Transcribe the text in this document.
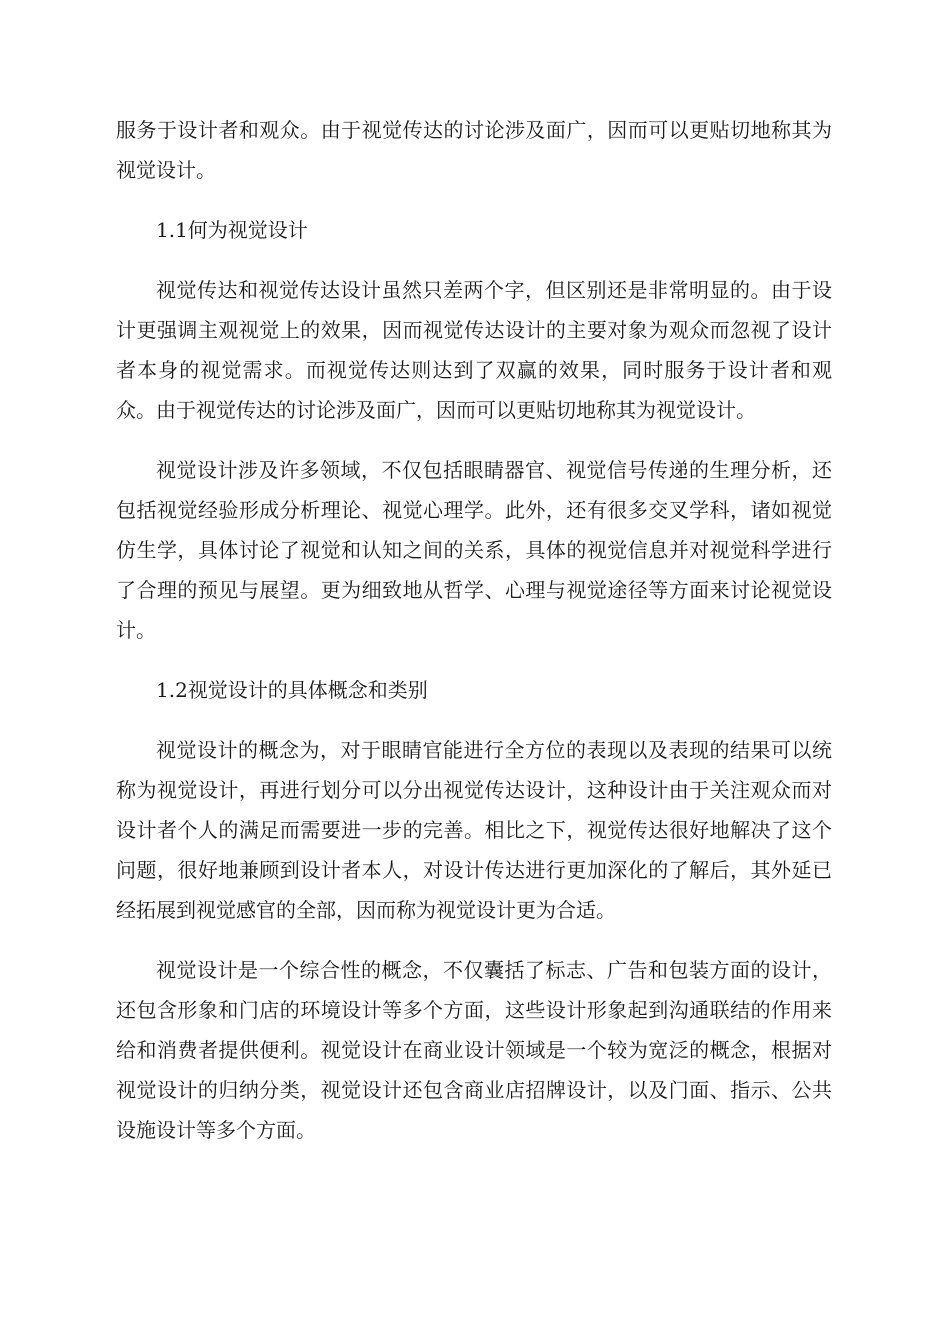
服务于设计者和观众。由于视觉传达的讨论涉及面广，因而可以更贴切地称其为视觉设计。

1.1何为视觉设计

视觉传达和视觉传达设计虽然只差两个字，但区别还是非常明显的。由于设计更强调主观视觉上的效果，因而视觉传达设计的主要对象为观众而忽视了设计者本身的视觉需求。而视觉传达则达到了双赢的效果，同时服务于设计者和观众。由于视觉传达的讨论涉及面广，因而可以更贴切地称其为视觉设计。

视觉设计涉及许多领域，不仅包括眼睛器官、视觉信号传递的生理分析，还包括视觉经验形成分析理论、视觉心理学。此外，还有很多交叉学科，诸如视觉仿生学，具体讨论了视觉和认知之间的关系，具体的视觉信息并对视觉科学进行了合理的预见与展望。更为细致地从哲学、心理与视觉途径等方面来讨论视觉设计。

1.2视觉设计的具体概念和类别

视觉设计的概念为，对于眼睛官能进行全方位的表现以及表现的结果可以统称为视觉设计，再进行划分可以分出视觉传达设计，这种设计由于关注观众而对设计者个人的满足而需要进一步的完善。相比之下，视觉传达很好地解决了这个问题，很好地兼顾到设计者本人，对设计传达进行更加深化的了解后，其外延已经拓展到视觉感官的全部，因而称为视觉设计更为合适。

视觉设计是一个综合性的概念，不仅囊括了标志、广告和包装方面的设计，还包含形象和门店的环境设计等多个方面，这些设计形象起到沟通联结的作用来给和消费者提供便利。视觉设计在商业设计领域是一个较为宽泛的概念，根据对视觉设计的归纳分类，视觉设计还包含商业店招牌设计，以及门面、指示、公共设施设计等多个方面。
